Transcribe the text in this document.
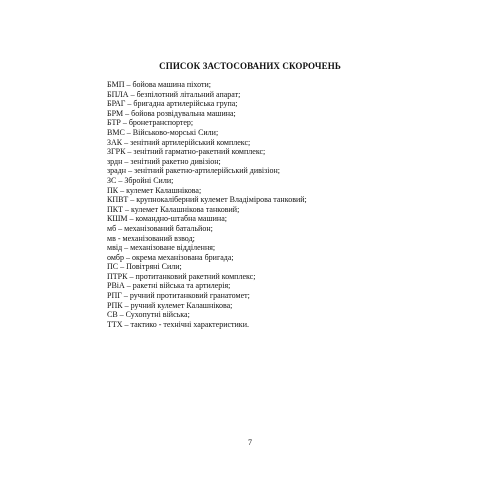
СПИСОК ЗАСТОСОВАНИХ СКОРОЧЕНЬ
БМП – бойова машина піхоти;
БПЛА – безпілотний літальний апарат;
БРАГ – бригадна артилерійська група;
БРМ – бойова розвідувальна машина;
БТР – бронетранспортер;
ВМС – Військово-морські Сили;
ЗАК – зенітний артилерійський комплекс;
ЗГРК – зенітний гарматно-ракетний комплекс;
зрдн – зенітний ракетно дивізіон;
зрадн – зенітний ракетно-артилерійський дивізіон;
ЗС – Збройні Сили;
ПК – кулемет Калашнікова;
КПВТ – крупнокаліберний кулемет Владімірова танковий;
ПКТ – кулемет Калашнікова танковий;
КШМ – командно-штабна машина;
мб – механізований батальйон;
мв - механізований взвод;
мвід – механізоване відділення;
омбр – окрема механізована бригада;
ПС – Повітряні Сили;
ПТРК – протитанковий ракетний комплекс;
РВіА – ракетні війська та артилерія;
РПГ – ручний протитанковий гранатомет;
РПК – ручний кулемет Калашнікова;
СВ – Сухопутні війська;
ТТХ – тактико - технічні характеристики.
7
